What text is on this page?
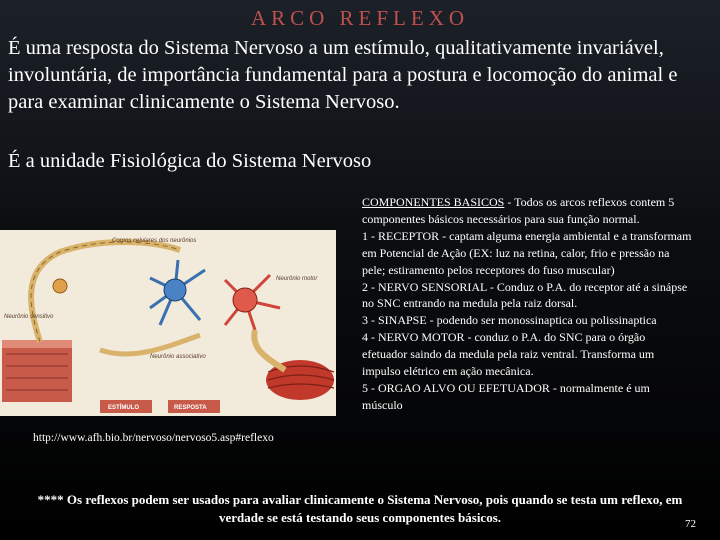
ARCO REFLEXO
É uma resposta do Sistema Nervoso a um estímulo, qualitativamente invariável, involuntária, de importância fundamental para a postura e locomoção do animal e para examinar clinicamente o Sistema Nervoso.
É a unidade Fisiológica do Sistema Nervoso
Corpos celulares dos neurônios
Neurônio motor
Neurônio sensitivo
Neurônio associativo
ESTÍMULO	RESPOSTA
http://www.afh.bio.br/nervoso/nervoso5.asp#reflexo
COMPONENTES BASICOS - Todos os arcos reflexos contem 5 componentes básicos necessários para sua função normal.
1 - RECEPTOR - captam alguma energia ambiental e a transformam em Potencial de Ação (EX: luz na retina, calor, frio e pressão na pele; estiramento pelos receptores do fuso muscular)
2 - NERVO SENSORIAL - Conduz o P.A. do receptor até a sinápse no SNC entrando na medula pela raiz dorsal.
3 - SINAPSE - podendo ser monossinaptica ou polissinaptica
4 - NERVO MOTOR - conduz o P.A. do SNC para o órgão efetuador saindo da medula pela raiz ventral. Transforma um impulso elétrico em ação mecânica.
5 - ORGAO ALVO OU EFETUADOR - normalmente é um músculo
**** Os reflexos podem ser usados para avaliar clinicamente o Sistema Nervoso, pois quando se testa um reflexo, em verdade se está testando seus componentes básicos.	72
